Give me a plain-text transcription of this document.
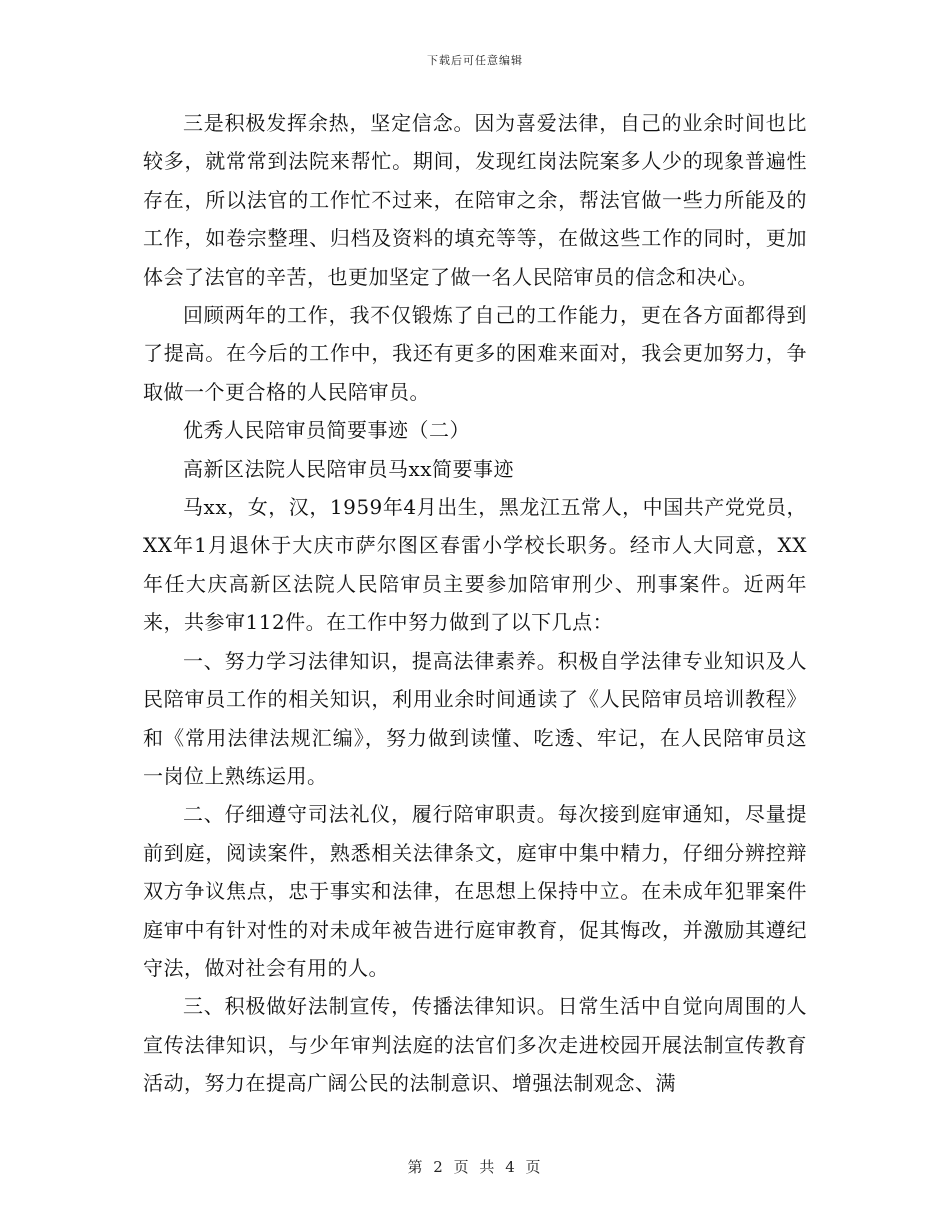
下载后可任意编辑

三是积极发挥余热，坚定信念。因为喜爱法律，自己的业余时间也比较多，就常常到法院来帮忙。期间，发现红岗法院案多人少的现象普遍性存在，所以法官的工作忙不过来，在陪审之余，帮法官做一些力所能及的工作，如卷宗整理、归档及资料的填充等等，在做这些工作的同时，更加体会了法官的辛苦，也更加坚定了做一名人民陪审员的信念和决心。

回顾两年的工作，我不仅锻炼了自己的工作能力，更在各方面都得到了提高。在今后的工作中，我还有更多的困难来面对，我会更加努力，争取做一个更合格的人民陪审员。

优秀人民陪审员简要事迹（二）

高新区法院人民陪审员马xx简要事迹

马xx，女，汉，1959年4月出生，黑龙江五常人，中国共产党党员，XX年1月退休于大庆市萨尔图区春雷小学校长职务。经市人大同意，XX年任大庆高新区法院人民陪审员主要参加陪审刑少、刑事案件。近两年来，共参审112件。在工作中努力做到了以下几点：

一、努力学习法律知识，提高法律素养。积极自学法律专业知识及人民陪审员工作的相关知识，利用业余时间通读了《人民陪审员培训教程》和《常用法律法规汇编》，努力做到读懂、吃透、牢记，在人民陪审员这一岗位上熟练运用。

二、仔细遵守司法礼仪，履行陪审职责。每次接到庭审通知，尽量提前到庭，阅读案件，熟悉相关法律条文，庭审中集中精力，仔细分辨控辩双方争议焦点，忠于事实和法律，在思想上保持中立。在未成年犯罪案件庭审中有针对性的对未成年被告进行庭审教育，促其悔改，并激励其遵纪守法，做对社会有用的人。

三、积极做好法制宣传，传播法律知识。日常生活中自觉向周围的人宣传法律知识，与少年审判法庭的法官们多次走进校园开展法制宣传教育活动，努力在提高广阔公民的法制意识、增强法制观念、满

第 2 页 共 4 页
